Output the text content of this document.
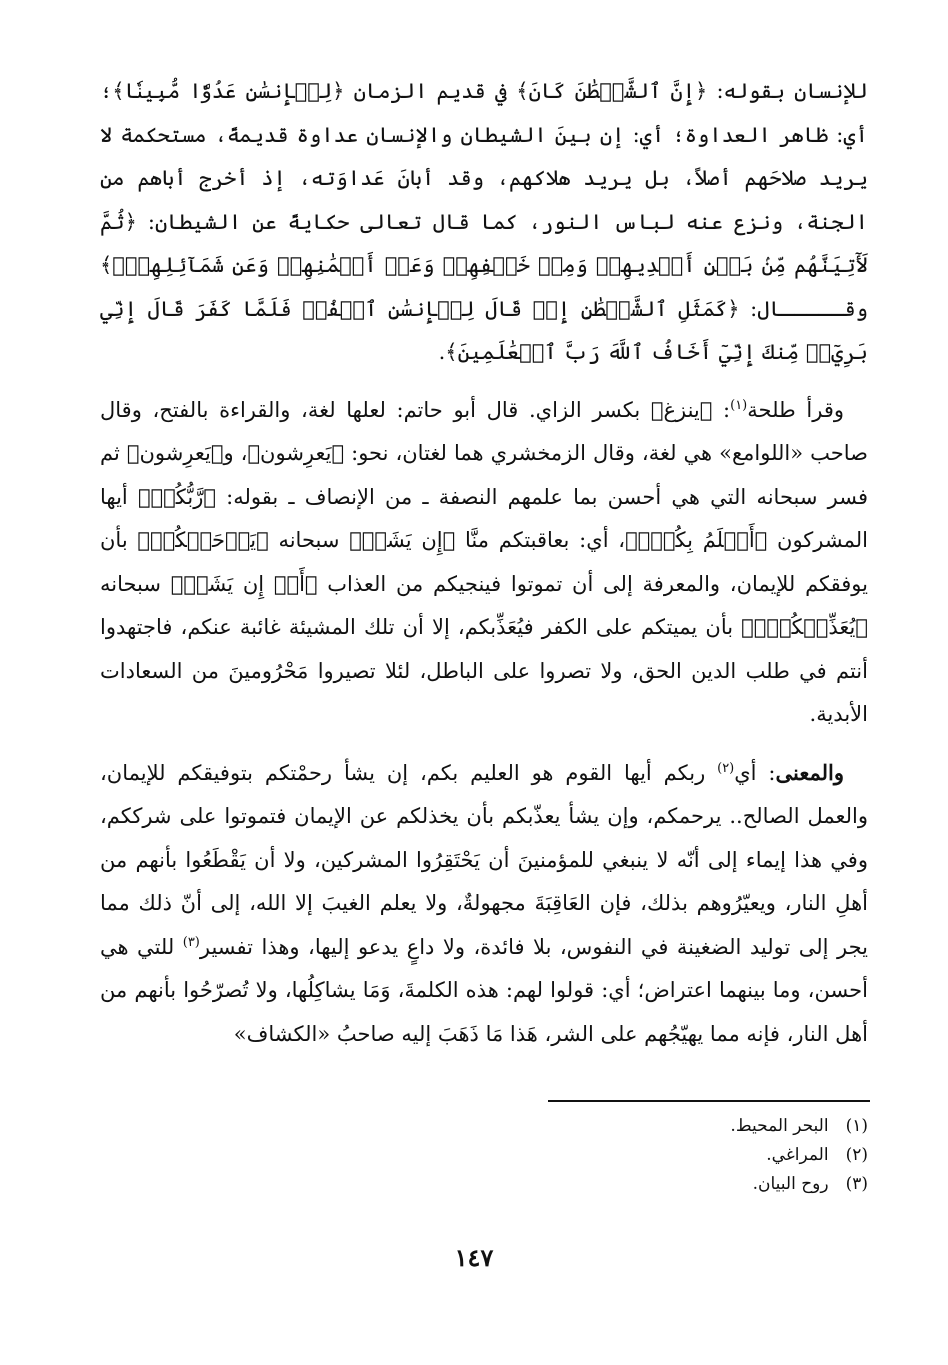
للإنسان بقوله: ﴿إِنَّ ٱلشَّيۡطَٰنَ كَانَ﴾ في قديم الزمان ﴿لِلۡإِنسَٰنِ عَدُوّٗا مُّبِينٗا﴾؛ أي: ظاهر العداوة؛ أي: إن بينَ الشيطان والإنسان عداوة قديمةً، مستحكمة لا يريد صلاحَهم أصلاً، بل يريد هلاكهم، وقد أبانَ عَداوَته، إذ أخرج أباهم من الجنة، ونزع عنه لباس النور، كما قال تعالى حكايةً عن الشيطان: ﴿ثُمَّ لَأٓتِيَنَّهُم مِّنۢ بَيۡنِ أَيۡدِيهِمۡ وَمِنۡ خَلۡفِهِمۡ وَعَنۡ أَيۡمَٰنِهِمۡ وَعَن شَمَآئِلِهِمۡۖ﴾ وقـــــال: ﴿كَمَثَلِ ٱلشَّيۡطَٰنِ إِذۡ قَالَ لِلۡإِنسَٰنِ ٱكۡفُرۡ فَلَمَّا كَفَرَ قَالَ إِنِّي بَرِيٓءٞ مِّنكَ إِنِّيٓ أَخَافُ ٱللَّهَ رَبَّ ٱلۡعَٰلَمِينَ﴾.

وقرأ طلحة$^{(١)}$: ﴿ينزغ﴾ بكسر الزاي. قال أبو حاتم: لعلها لغة، والقراءة بالفتح، وقال صاحب «اللوامع» هي لغة، وقال الزمخشري هما لغتان، نحو: ﴿يَعرِشون﴾، و﴿يَعرِشون﴾ ثم فسر سبحانه التي هي أحسن بما علمهم النصفة ـ من الإنصاف ـ بقوله: ﴿رَّبُّكُمۡ﴾ أيها المشركون ﴿أَعۡلَمُ بِكُمۡۖ﴾، أي: بعاقبتكم منَّا ﴿إِن يَشَأۡ﴾ سبحانه ﴿يَرۡحَمۡكُمۡ﴾ بأن يوفقكم للإيمان، والمعرفة إلى أن تموتوا فينجيكم من العذاب ﴿أَوۡ إِن يَشَأۡ﴾ سبحانه ﴿يُعَذِّبۡكُمۡۚ﴾ بأن يميتكم على الكفر فيُعَذِّبكم، إلا أن تلك المشيئة غائبة عنكم، فاجتهدوا أنتم في طلب الدين الحق، ولا تصروا على الباطل، لئلا تصيروا مَحْرُومينَ من السعادات الأبدية.

والمعنى: أي$^{(٢)}$ ربكم أيها القوم هو العليم بكم، إن يشأ رحمْتكم بتوفيقكم للإيمان، والعمل الصالح.. يرحمكم، وإن يشأ يعذّبكم بأن يخذلكم عن الإيمان فتموتوا على شرككم، وفي هذا إيماء إلى أنّه لا ينبغي للمؤمنينَ أن يَحْتَقِرُوا المشركين، ولا أن يَقْطَعُوا بأنهم من أهلِ النار، ويعيّرُوهم بذلك، فإن العَاقِبَةَ مجهولةٌ، ولا يعلم الغيبَ إلا الله، إلى أنّ ذلك مما يجر إلى توليد الضغينة في النفوس، بلا فائدة، ولا داعٍ يدعو إليها، وهذا تفسير$^{(٣)}$ للتي هي أحسن، وما بينهما اعتراض؛ أي: قولوا لهم: هذه الكلمةَ، وَمَا يشاكِلُها، ولا تُصرّحُوا بأنهم من أهل النار، فإنه مما يهيّجُهم على الشر، هَذا مَا ذَهَبَ إليه صاحبُ «الكشاف»

(١) البحر المحيط.
(٢) المراغي.
(٣) روح البيان.
١٤٧
